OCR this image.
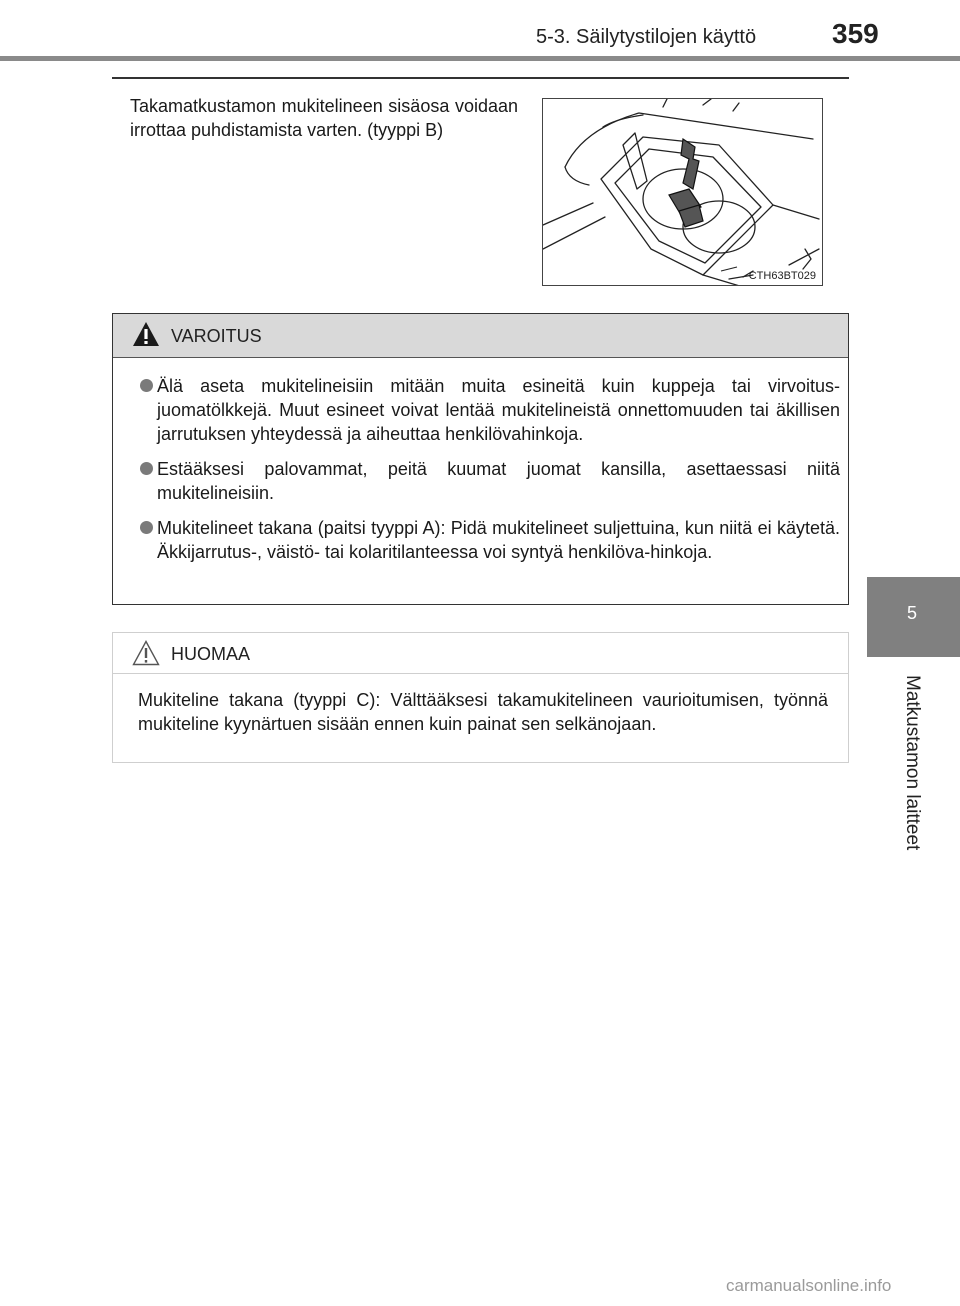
5-3. Säilytystilojen käyttö	359
5
Matkustamon laitteet
Takamatkustamon mukitelineen sisäosa voidaan irrottaa puhdistamista varten. (tyyppi B)
CTH63BT029
VAROITUS
Älä aseta mukitelineisiin mitään muita esineitä kuin kuppeja tai virvoitus-juomatölkkejä. Muut esineet voivat lentää mukitelineistä onnettomuuden tai äkillisen jarrutuksen yhteydessä ja aiheuttaa henkilövahinkoja.
Estääksesi palovammat, peitä kuumat juomat kansilla, asettaessasi niitä mukitelineisiin.
Mukitelineet takana (paitsi tyyppi A): Pidä mukitelineet suljettuina, kun niitä ei käytetä. Äkkijarrutus-, väistö- tai kolaritilanteessa voi syntyä henkilöva-hinkoja.
HUOMAA
Mukiteline takana (tyyppi C): Välttääksesi takamukitelineen vaurioitumisen, työnnä mukiteline kyynärtuen sisään ennen kuin painat sen selkänojaan.
carmanualsonline.info
